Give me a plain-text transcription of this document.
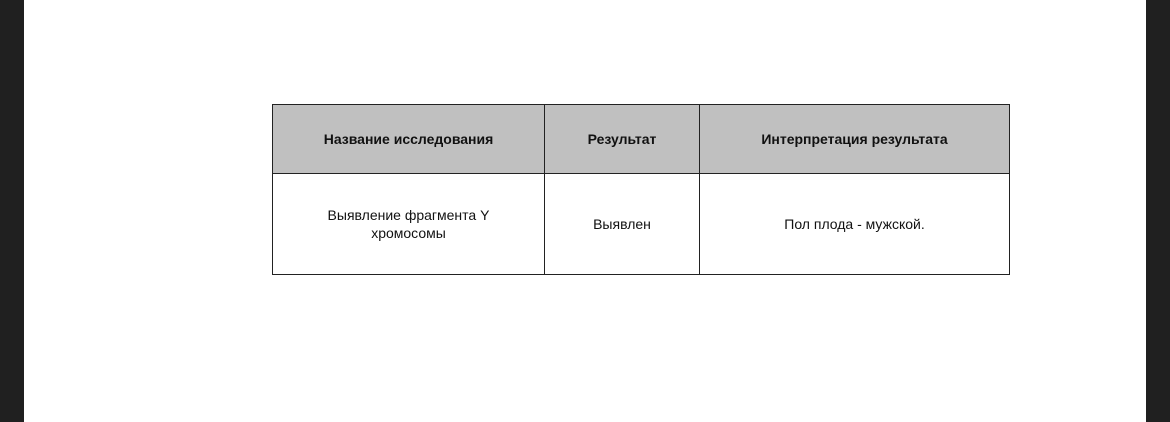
Название исследования	Результат	Интерпретация результата
Выявление фрагмента Y хромосомы	Выявлен	Пол плода - мужской.
